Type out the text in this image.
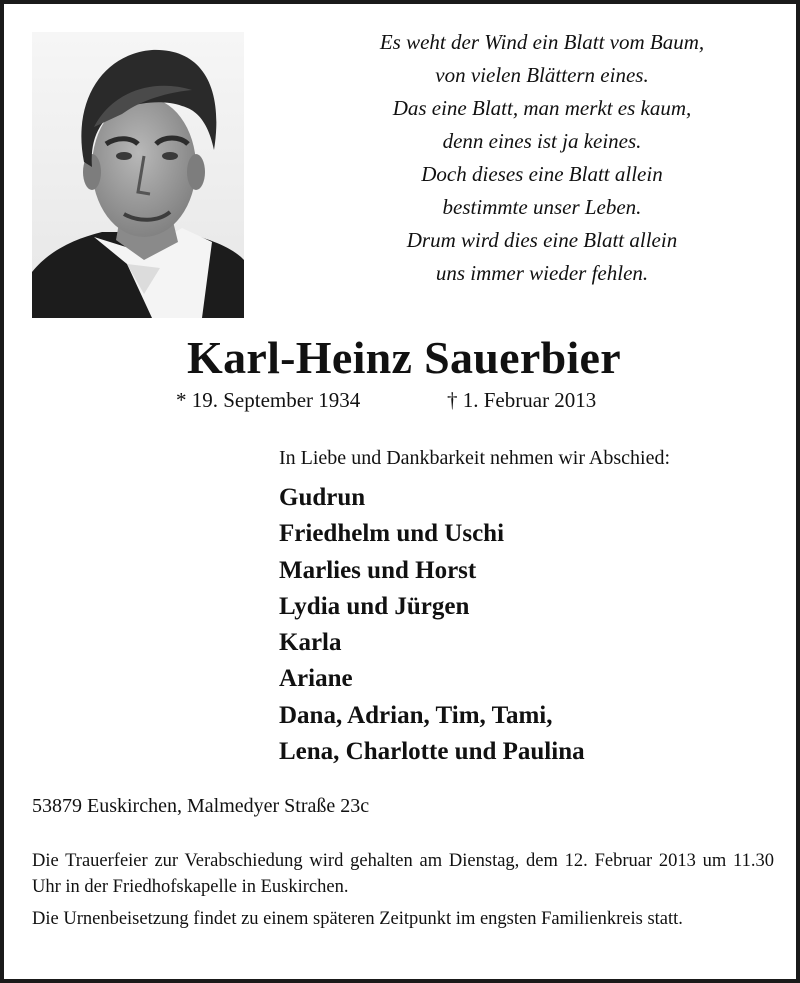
Es weht der Wind ein Blatt vom Baum,
von vielen Blättern eines.
Das eine Blatt, man merkt es kaum,
denn eines ist ja keines.
Doch dieses eine Blatt allein
bestimmte unser Leben.
Drum wird dies eine Blatt allein
uns immer wieder fehlen.
Karl-Heinz Sauerbier
* 19. September 1934	† 1. Februar 2013
In Liebe und Dankbarkeit nehmen wir Abschied:
Gudrun
Friedhelm und Uschi
Marlies und Horst
Lydia und Jürgen
Karla
Ariane
Dana, Adrian, Tim, Tami,
Lena, Charlotte und Paulina
53879 Euskirchen, Malmedyer Straße 23c
Die Trauerfeier zur Verabschiedung wird gehalten am Dienstag, dem 12. Februar 2013 um 11.30 Uhr in der Friedhofskapelle in Euskirchen.
Die Urnenbeisetzung findet zu einem späteren Zeitpunkt im engsten Familienkreis statt.
